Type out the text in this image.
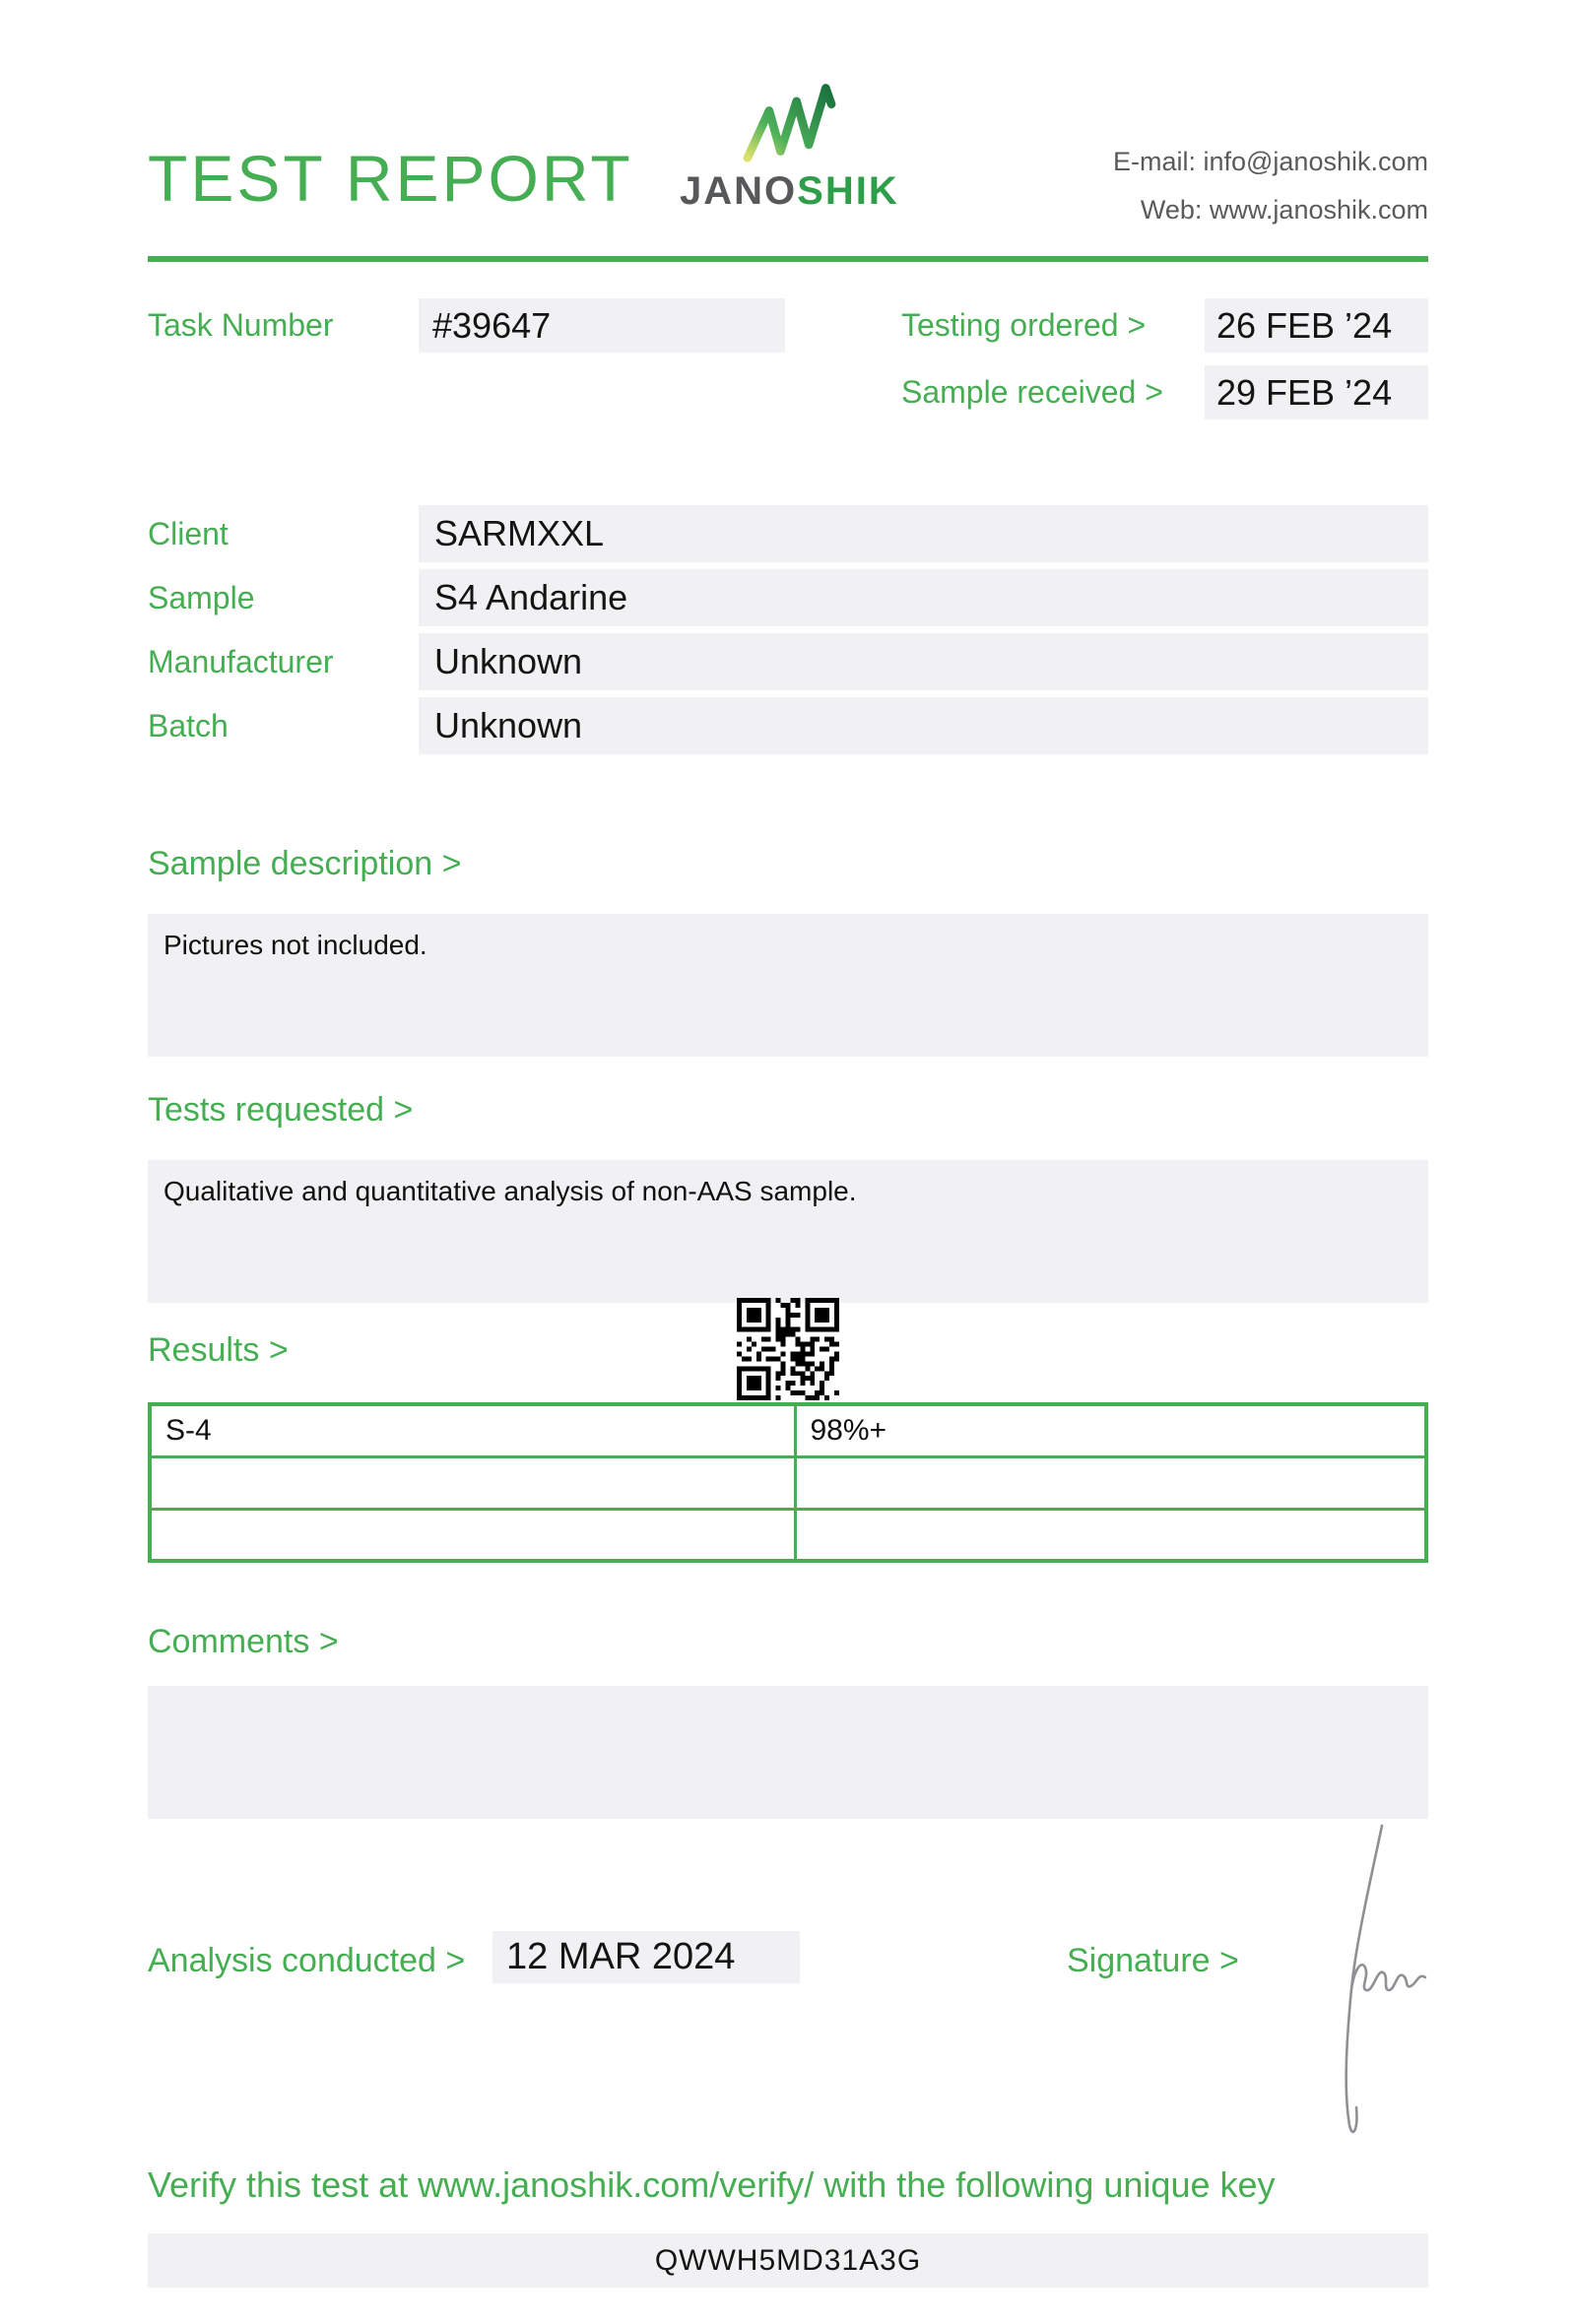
TEST REPORT JANOSHIK
E-mail: info@janoshik.com
Web: www.janoshik.com
Task Number	#39647	Testing ordered > 26 FEB ’24
Sample received > 29 FEB ’24
Client	SARMXXL
Sample	S4 Andarine
Manufacturer	Unknown
Batch	Unknown
Sample description >
Pictures not included.
Tests requested >
Qualitative and quantitative analysis of non-AAS sample.
Results >
S-4	98%+

Comments >
Analysis conducted > 12 MAR 2024	Signature >
Verify this test at www.janoshik.com/verify/ with the following unique key
QWWH5MD31A3G
